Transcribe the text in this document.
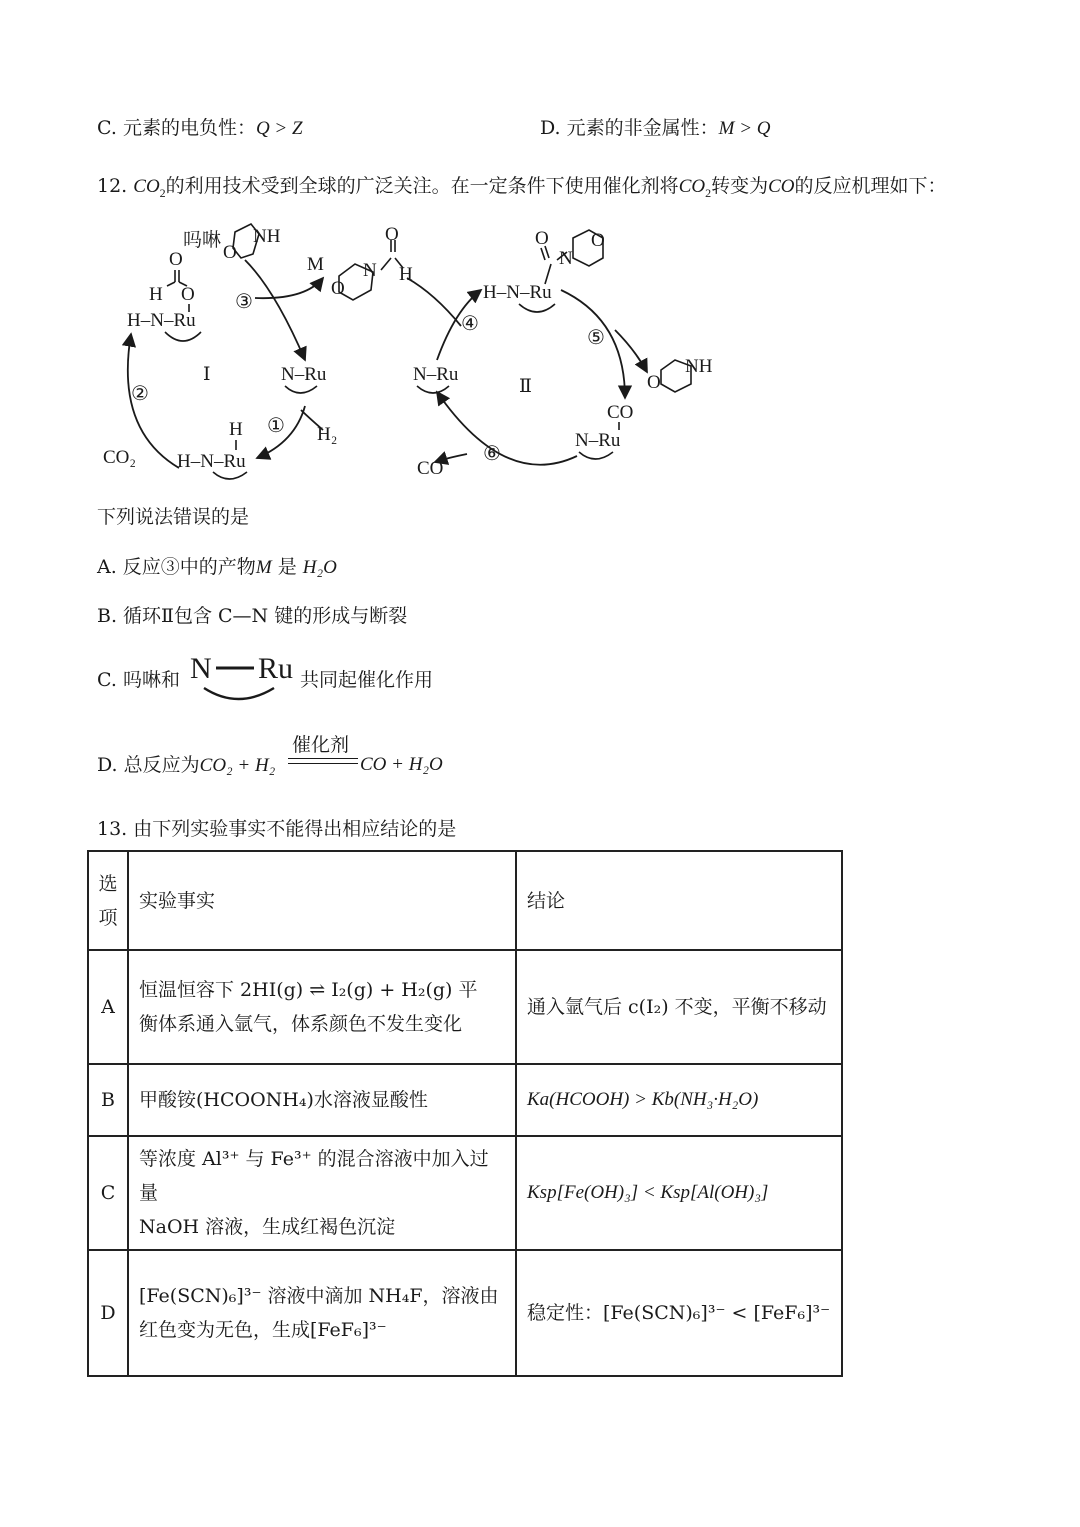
C. 元素的电负性：Q > Z	D. 元素的非金属性：M > Q
12. $CO_2$的利用技术受到全球的广泛关注。在一定条件下使用催化剂将$CO_2$转变为CO的反应机理如下：
吗啉 NH
O
O
H O
H–N–Ru
Ⅰ	N–Ru
H–N–Ru
H
CO₂
H₂
③
①
②
M
O
N
O
H
H–N–Ru
O
N
O
N–Ru
Ⅱ
④
⑤
⑥
NH
O
CO
N–Ru
CO
下列说法错误的是
A. 反应③中的产物M 是 H₂O
B. 循环Ⅱ包含 C—N 键的形成与断裂
C. 吗啉和 N Ru 共同起催化作用
D. 总反应为CO₂ + H₂
催化剂
CO + H₂O
13. 由下列实验事实不能得出相应结论的是
选项	实验事实	结论
A	恒温恒容下 2HI(g) ⇌ I₂(g) + H₂(g) 平
衡体系通入氩气，体系颜色不发生变化	通入氩气后 c(I₂) 不变，平衡不移动
B	甲酸铵(HCOONH₄)水溶液显酸性	Ka(HCOOH) > Kb(NH₃·H₂O)
C	等浓度 Al³⁺ 与 Fe³⁺ 的混合溶液中加入过量
NaOH 溶液，生成红褐色沉淀	Ksp[Fe(OH)₃] < Ksp[Al(OH)₃]
D	[Fe(SCN)₆]³⁻ 溶液中滴加 NH₄F，溶液由
红色变为无色，生成[FeF₆]³⁻	稳定性：[Fe(SCN)₆]³⁻ < [FeF₆]³⁻
